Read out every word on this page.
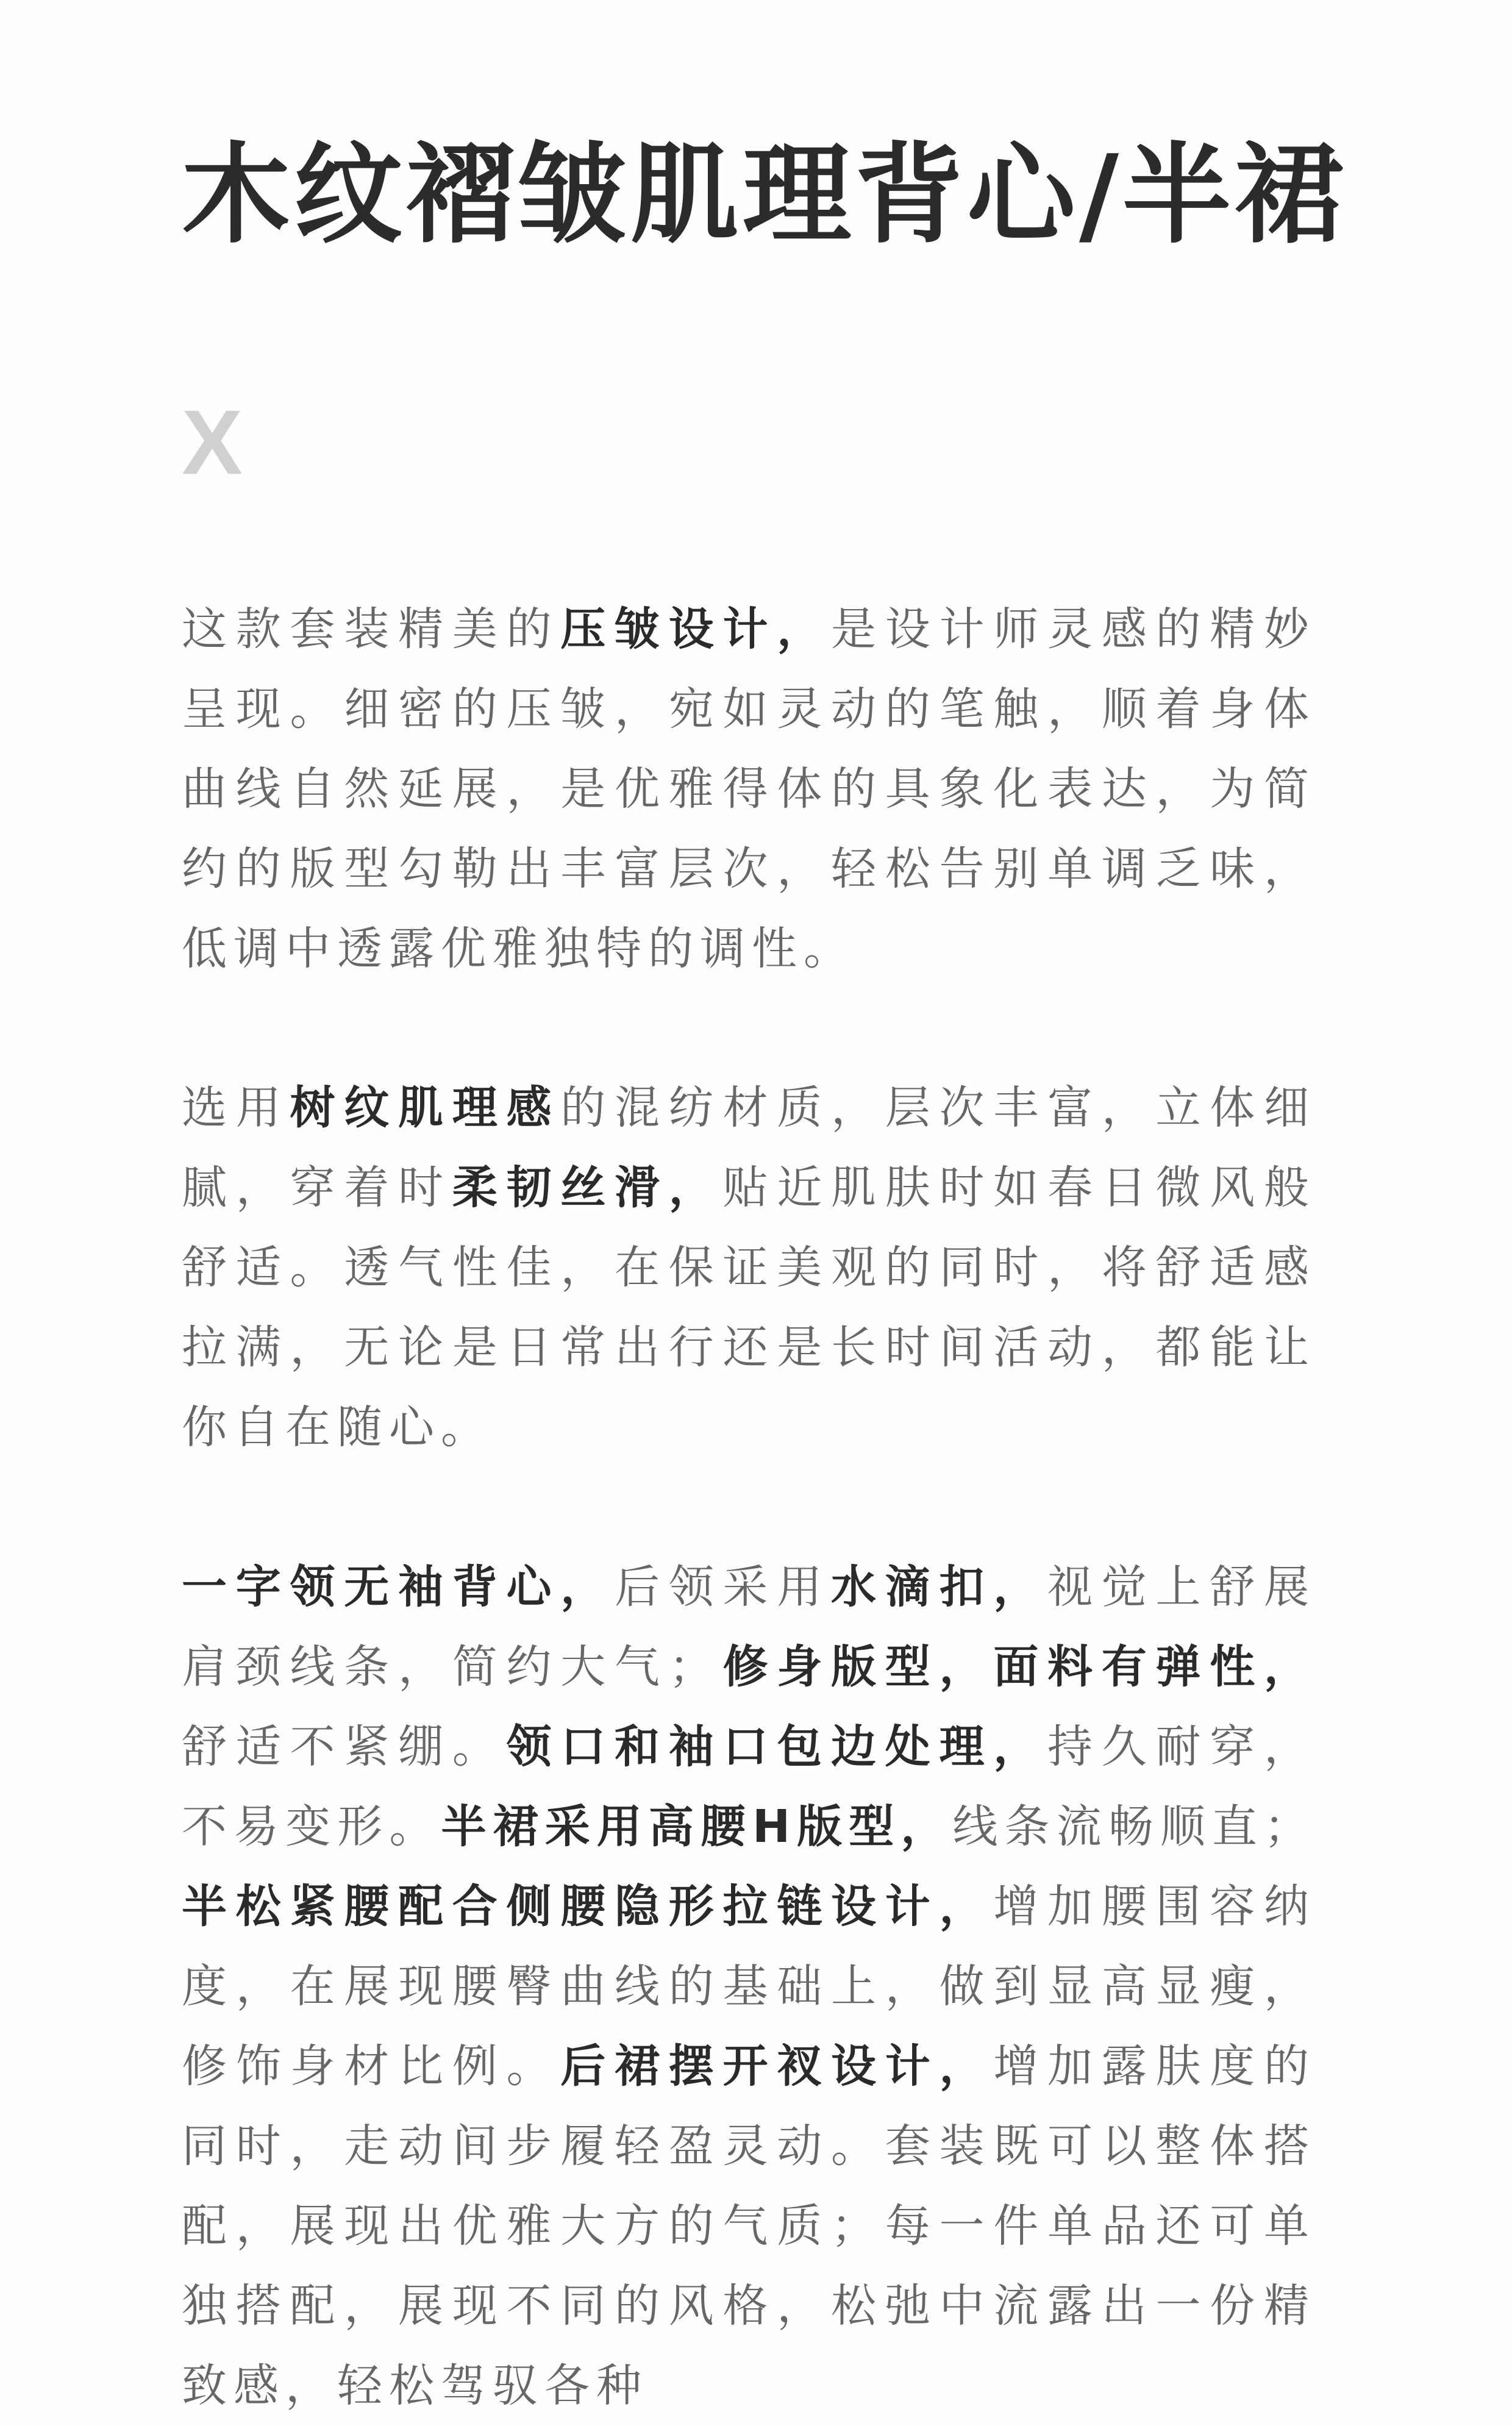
木纹褶皱肌理背心/半裙
X

这款套装精美的压皱设计，是设计师灵感的精妙呈现。细密的压皱，宛如灵动的笔触，顺着身体曲线自然延展，是优雅得体的具象化表达，为简约的版型勾勒出丰富层次，轻松告别单调乏味，低调中透露优雅独特的调性。

选用树纹肌理感的混纺材质，层次丰富，立体细腻，穿着时柔韧丝滑，贴近肌肤时如春日微风般舒适。透气性佳，在保证美观的同时，将舒适感拉满，无论是日常出行还是长时间活动，都能让你自在随心。

一字领无袖背心，后领采用水滴扣，视觉上舒展肩颈线条，简约大气；修身版型，面料有弹性，舒适不紧绷。领口和袖口包边处理，持久耐穿，不易变形。半裙采用高腰H版型，线条流畅顺直；半松紧腰配合侧腰隐形拉链设计，增加腰围容纳度，在展现腰臀曲线的基础上，做到显高显瘦，修饰身材比例。后裙摆开衩设计，增加露肤度的同时，走动间步履轻盈灵动。套装既可以整体搭配，展现出优雅大方的气质；每一件单品还可单独搭配，展现不同的风格，松弛中流露出一份精致感，轻松驾驭各种
